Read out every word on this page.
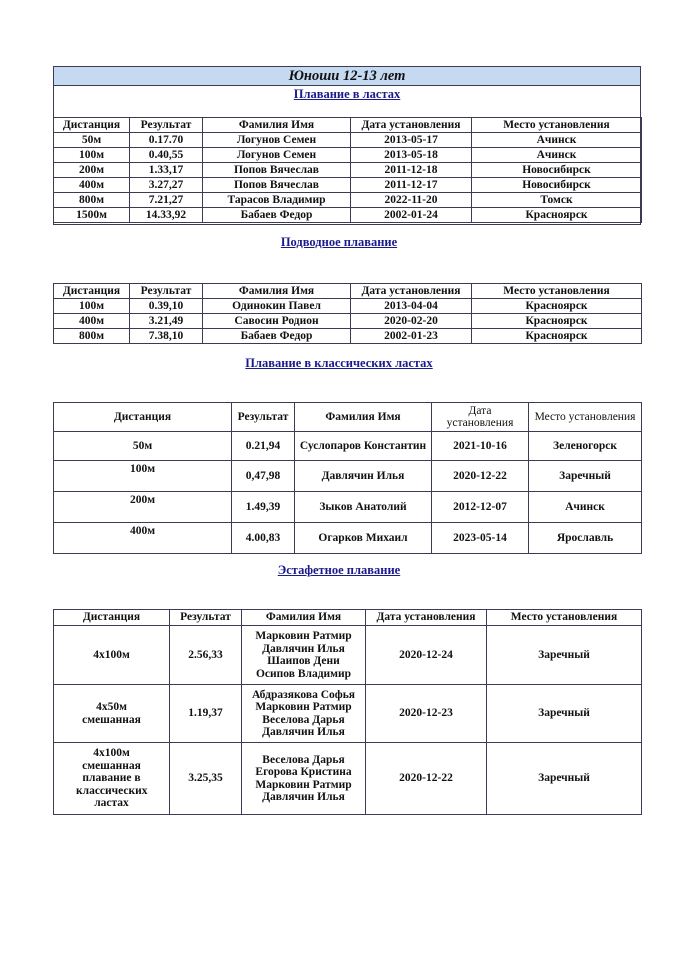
Юноши 12-13 лет
Плавание в ластах
Дистанция	Результат	Фамилия Имя	Дата установления	Место установления
50м	0.17.70	Логунов Семен	2013-05-17	Ачинск
100м	0.40,55	Логунов Семен	2013-05-18	Ачинск
200м	1.33,17	Попов Вячеслав	2011-12-18	Новосибирск
400м	3.27,27	Попов Вячеслав	2011-12-17	Новосибирск
800м	7.21,27	Тарасов Владимир	2022-11-20	Томск
1500м	14.33,92	Бабаев Федор	2002-01-24	Красноярск
Подводное плавание
Дистанция	Результат	Фамилия Имя	Дата установления	Место установления
100м	0.39,10	Одинокин Павел	2013-04-04	Красноярск
400м	3.21,49	Савосин Родион	2020-02-20	Красноярск
800м	7.38,10	Бабаев Федор	2002-01-23	Красноярск
Плавание в классических ластах
Дистанция	Результат	Фамилия Имя	Дата установления	Место установления
50м	0.21,94	Суслопаров Константин	2021-10-16	Зеленогорск
100м	0,47,98	Давлячин Илья	2020-12-22	Заречный
200м	1.49,39	Зыков Анатолий	2012-12-07	Ачинск
400м	4.00,83	Огарков Михаил	2023-05-14	Ярославль
Эстафетное плавание
Дистанция	Результат	Фамилия Имя	Дата установления	Место установления
4х100м	2.56,33	Марковин Ратмир
Давлячин Илья
Шаипов Дени
Осипов Владимир	2020-12-24	Заречный
4х50м смешанная	1.19,37	Абдразякова Софья
Марковин Ратмир
Веселова Дарья
Давлячин Илья	2020-12-23	Заречный
4х100м смешанная плавание в классических ластах	3.25,35	Веселова Дарья
Егорова Кристина
Марковин Ратмир
Давлячин Илья	2020-12-22	Заречный
